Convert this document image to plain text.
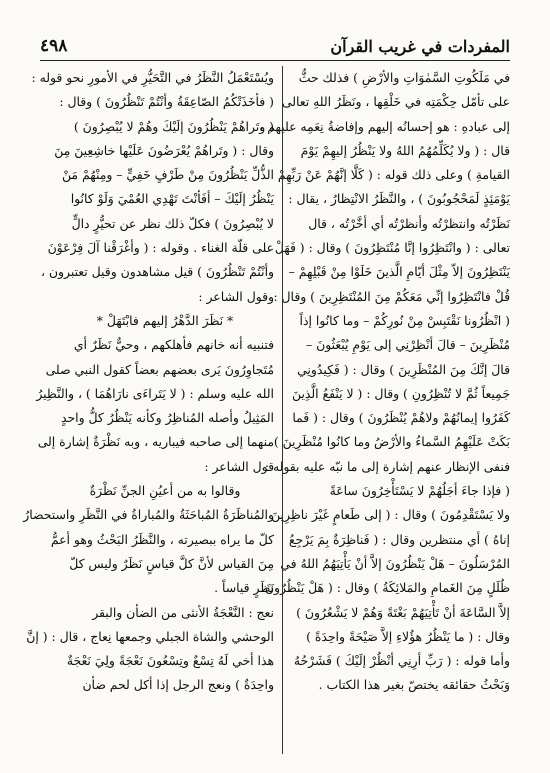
٤٩٨	المفردات في غريب القرآن
في مَلَكُوتِ السَّمٰوَاتِ والأرْضِ ) فذلك حثٌّ
على تأمّل حِكْمَتِه في خَلْقِها ، ونَظَرُ اللهِ تعالى
إلى عبادهِ : هو إحسانُه إليهم وإفاضةُ نِعَمِه عليهم ،
قال : ( ولا يُكَلِّمُهُمُ اللهُ ولا يَنْظُرُ إليهِمْ يَوْمَ
القيامةِ ) وعلى ذلك قوله : ( كَلَّا إنَّهُمْ عَنْ رَبِّهِمْ
يَوْمَئِذٍ لَمَحْجُوبُونَ ) ، والنَّظَرُ الانْتِظارُ ، يقال :
نَظَرْتُه وانتظرْتُه وأنظرْتُه أي أخَّرْتُه ، قال
تعالى : ( وانْتَظِرُوا إنَّا مُنْتَظِرُونَ ) وقال : ( فَهَلْ
يَنْتَظِرُونَ إلاّ مِثْلَ أيّامِ الَّذينَ خَلَوْا مِنْ قَبْلِهِمْ –
قُلْ فانْتَظِرُوا إنِّي مَعَكُمْ مِنَ المُنْتَظِرِينَ ) وقال :
( انْظُرُونا نَقْتَبِسْ مِنْ نُورِكُمْ – وما كانُوا إذاً
مُنْظَرِينَ – قالَ أنْظِرْنِي إلى يَوْمِ يُبْعَثُونَ –
قالَ إنَّكَ مِنَ المُنْظَرِينَ ) وقال : ( فَكِيدُونِي
جَمِيعاً ثُمَّ لا تُنْظِرُونِ ) وقال : ( لا يَنْفَعُ الَّذِينَ
كَفَرُوا إيمانُهُمْ ولاهُمْ يُنْظَرُونَ ) وقال : ( فَما
بَكَتْ عَلَيْهِمُ السَّماءُ والأرْضُ وما كانُوا مُنْظَرِينَ )
فنفى الإنظار عنهم إشارة إلى ما نبّه عليه بقوله :
( فإذا جاءَ أجَلُهُمْ لا يَسْتَأْخِرُونَ ساعَةً
ولا يَسْتَقْدِمُونَ ) وقال : ( إلى طَعامٍ غَيْرَ ناظِرِينَ
إناهُ ) أي منتظرين وقال : ( فَناظِرَةٌ بِمَ يَرْجِعُ
المُرْسَلُونَ – هَلْ يَنْظُرُونَ إلاَّ أنْ يَأْتِيَهُمُ اللهُ في
ظُلَلٍ مِنَ الغَمامِ والمَلائِكَةُ ) وقال : ( هَلْ يَنْظُرُونَ
إلاَّ السَّاعَةَ أنْ تَأْتِيَهُمْ بَغْتَةً وَهُمْ لا يَشْعُرُونَ )
وقال : ( ما يَنْظُرُ هؤُلاءِ إلاَّ صَيْحَةً واحِدَةً )
وأما قوله : ( رَبِّ أرِنِي أنْظُرْ إلَيْكَ ) فَشَرْحُهُ
وَبَحْثُ حقائقه يختصّ بغير هذا الكتاب .
ويُسْتَعْمَلُ النَّظَرُ في التَّحَيُّرِ في الأمورِ نحو قوله :
( فأخَذَتْكُمُ الصّاعِقَةُ وأنْتُمْ تَنْظُرُونَ ) وقال :
( وتَراهُمْ يَنْظُرُونَ إلَيْكَ وهُمْ لا يُبْصِرُونَ )
وقال : ( وتَراهُمْ يُعْرَضُونَ عَلَيْها خاشِعِينَ مِنَ
الذُّلِّ يَنْظُرُونَ مِنْ طَرْفٍ خَفِيٍّ – ومِنْهُمْ مَنْ
يَنْظُرُ إلَيْكَ – أفَأنْتَ تَهْدِي العُمْيَ وَلَوْ كانُوا
لا يُبْصِرُونَ ) فكلّ ذلك نظر عن تحيُّرٍ دالٍّ
على قلّة الغناء . وقوله : ( وأغْرَقْنا آلَ فِرْعَوْنَ
وأنْتُمْ تَنْظُرُونَ ) قيل مشاهدون وقيل تعتبرون ،
وقول الشاعر :
* نَظَرَ الدَّهْرُ إليهم فابْتَهَلْ *
فتنبيه أنه خانهم فأهلكهم ، وحيٌّ نَظَرٌ أي
مُتَجاوِرُونَ يَرى بعضهم بعضاً كقول النبي صلى
الله عليه وسلم : ( لا يَتَراءَى نارَاهُمَا ) ، والنَّظِيرُ
المَثِيلُ وأصله المُناظِرُ وكأنه يَنْظُرُ كلُّ واحدٍ
منهما إلى صاحبه فيباريه ، وبه نَظْرَةٌ إشارة إلى
قول الشاعر :
وقالوا به من أعيُنِ الجنِّ نَظْرَةٌ
والمُناظَرَةُ المُباحَثَةُ والمُباراةُ في النَّظَرِ واستحضارُ
كلّ ما يراه ببصيرته ، والنَّظَرُ البَحْثُ وهو أعمُّ
مِنَ القياس لأنَّ كلَّ قياسٍ نَظَرٌ وليس كلّ
نَظَرٍ قياساً .
نعج : النَّعْجَةُ الأنثى من الضأن والبقر
الوحشي والشاة الجبلي وجمعها نِعاج ، قال : ( إنَّ
هذا أخي لَهُ تِسْعٌ وتِسْعُونَ نَعْجَةً ولِيَ نَعْجَةٌ
واحِدَةٌ ) ونعج الرجل إذا أكل لحم ضأن
